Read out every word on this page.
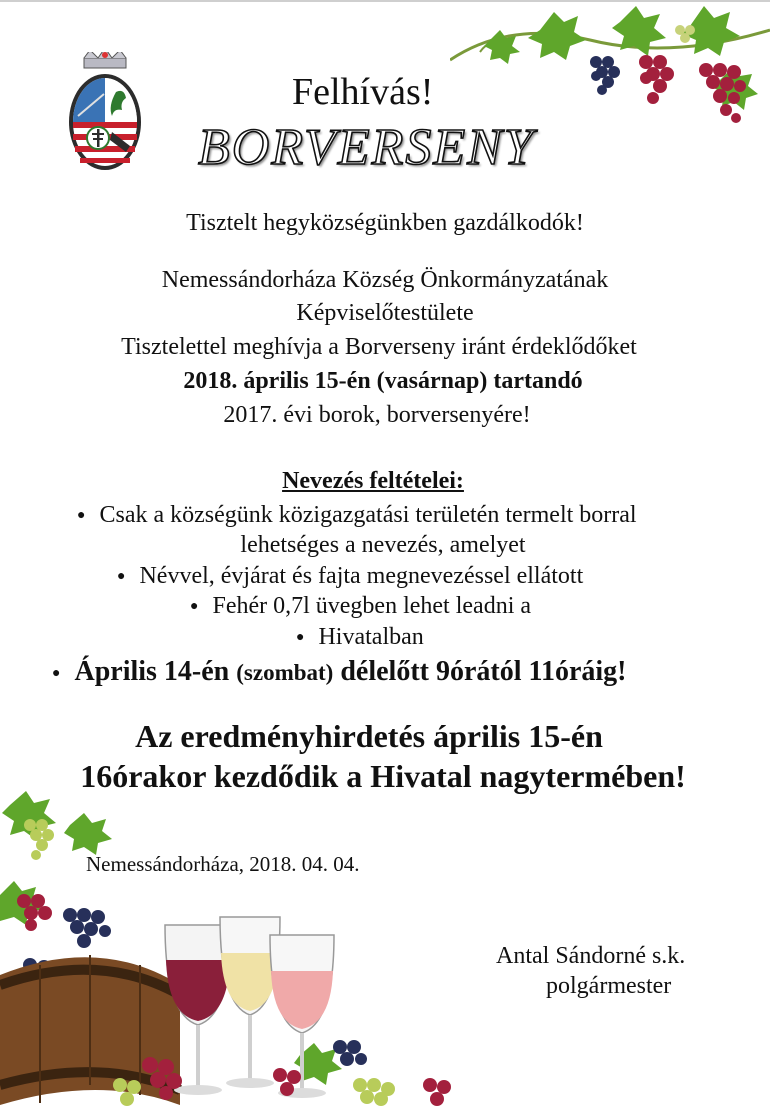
Felhívás!
BORVERSENY
Tisztelt hegyközségünkben gazdálkodók!
Nemessándorháza Község Önkormányzatának
Képviselőtestülete
Tisztelettel meghívja a Borverseny iránt érdeklődőket
2018. április 15-én (vasárnap) tartandó
2017. évi borok, borversenyére!
Nevezés feltételei:
● Csak a községünk közigazgatási területén termelt borral
lehetséges a nevezés, amelyet
● Névvel, évjárat és fajta megnevezéssel ellátott
● Fehér 0,7l üvegben lehet leadni a
● Hivatalban
● Április 14-én (szombat) délelőtt 9órától 11óráig!
Az eredményhirdetés április 15-én
16órakor kezdődik a Hivatal nagytermében!
Nemessándorháza, 2018. 04. 04.
Antal Sándorné s.k.
polgármester
